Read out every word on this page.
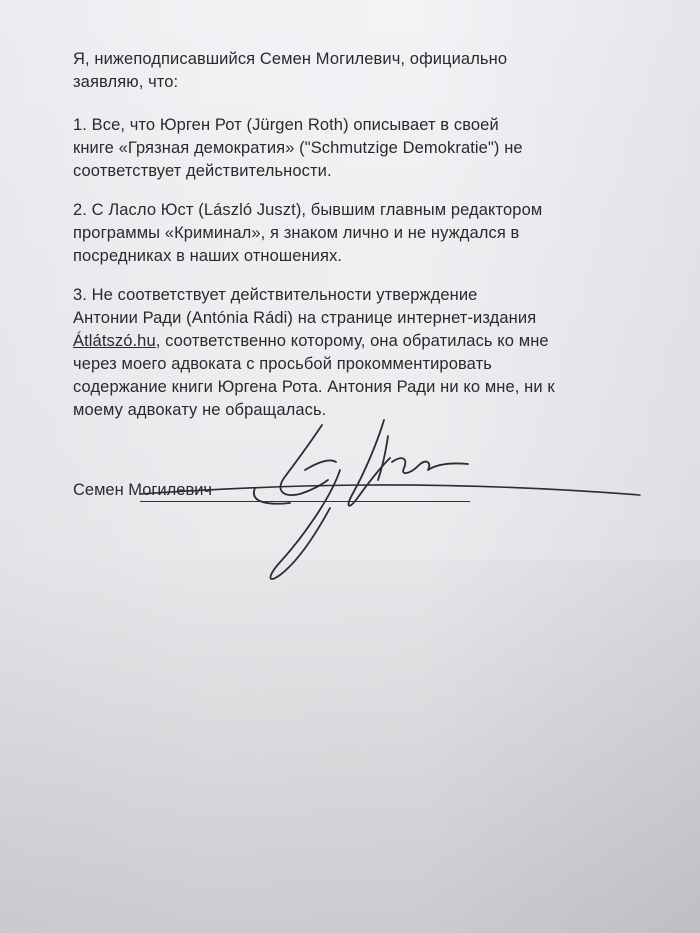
Я, нижеподписавшийся Семен Могилевич, официально
заявляю, что:
1. Все, что Юрген Рот (Jürgen Roth) описывает в своей
книге «Грязная демократия» ("Schmutzige Demokratie") не
соответствует действительности.
2. С Ласло Юст (László Juszt), бывшим главным редактором
программы «Криминал», я знаком лично и не нуждался в
посредниках в наших отношениях.
3. Не соответствует действительности утверждение
Антонии Ради (Antónia Rádi) на странице интернет-издания
Átlátszó.hu, соответственно которому, она обратилась ко мне
через моего адвоката с просьбой прокомментировать
содержание книги Юргена Рота. Антония Ради ни ко мне, ни к
моему адвокату не обращалась.
Семен Могилевич
